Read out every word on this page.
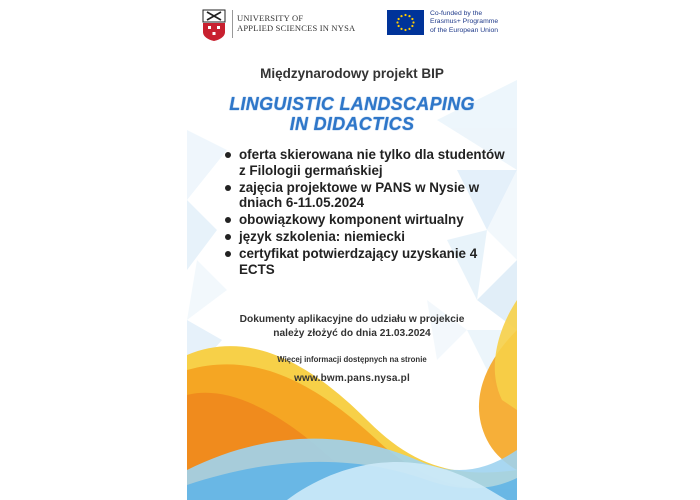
UNIVERSITY OF
APPLIED SCIENCES IN NYSA
Co-funded by the
Erasmus+ Programme
of the European Union
Międzynarodowy projekt BIP
LINGUISTIC LANDSCAPING
IN DIDACTICS
oferta skierowana nie tylko dla studentów z Filologii germańskiej
zajęcia projektowe w PANS w Nysie w dniach 6-11.05.2024
obowiązkowy komponent wirtualny
język szkolenia: niemiecki
certyfikat potwierdzający uzyskanie 4 ECTS
Dokumenty aplikacyjne do udziału w projekcie
należy złożyć do dnia 21.03.2024
Więcej informacji dostępnych na stronie
www.bwm.pans.nysa.pl
